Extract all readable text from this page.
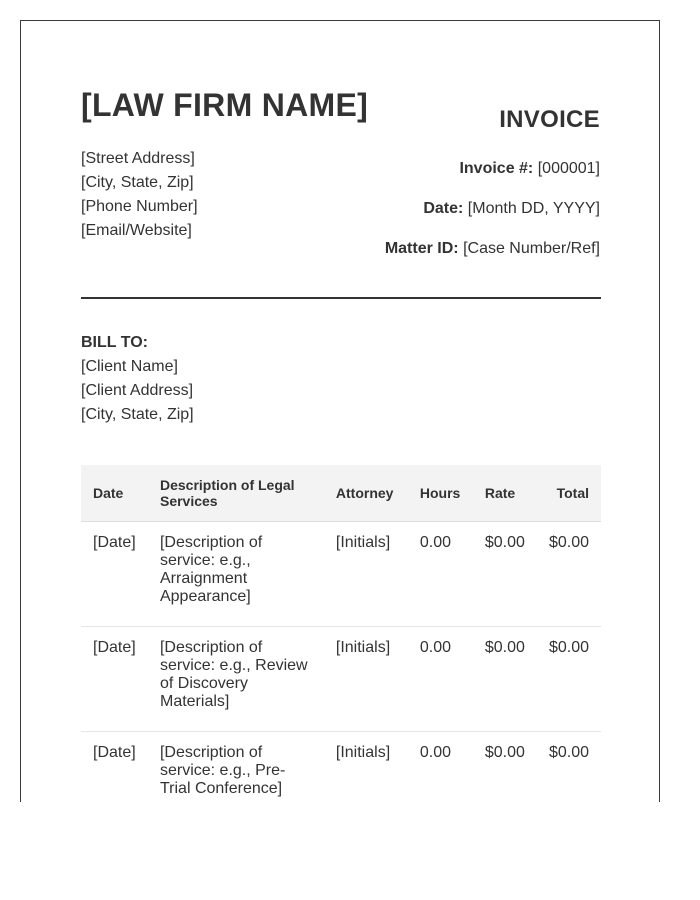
[LAW FIRM NAME]
[Street Address]
[City, State, Zip]
[Phone Number]
[Email/Website]
INVOICE
Invoice #: [000001]
Date: [Month DD, YYYY]
Matter ID: [Case Number/Ref]
BILL TO:
[Client Name]
[Client Address]
[City, State, Zip]
Date	Description of Legal Services	Attorney	Hours	Rate	Total
[Date]	[Description of service: e.g., Arraignment Appearance]	[Initials]	0.00	$0.00	$0.00
[Date]	[Description of service: e.g., Review of Discovery Materials]	[Initials]	0.00	$0.00	$0.00
[Date]	[Description of service: e.g., Pre-Trial Conference]	[Initials]	0.00	$0.00	$0.00
